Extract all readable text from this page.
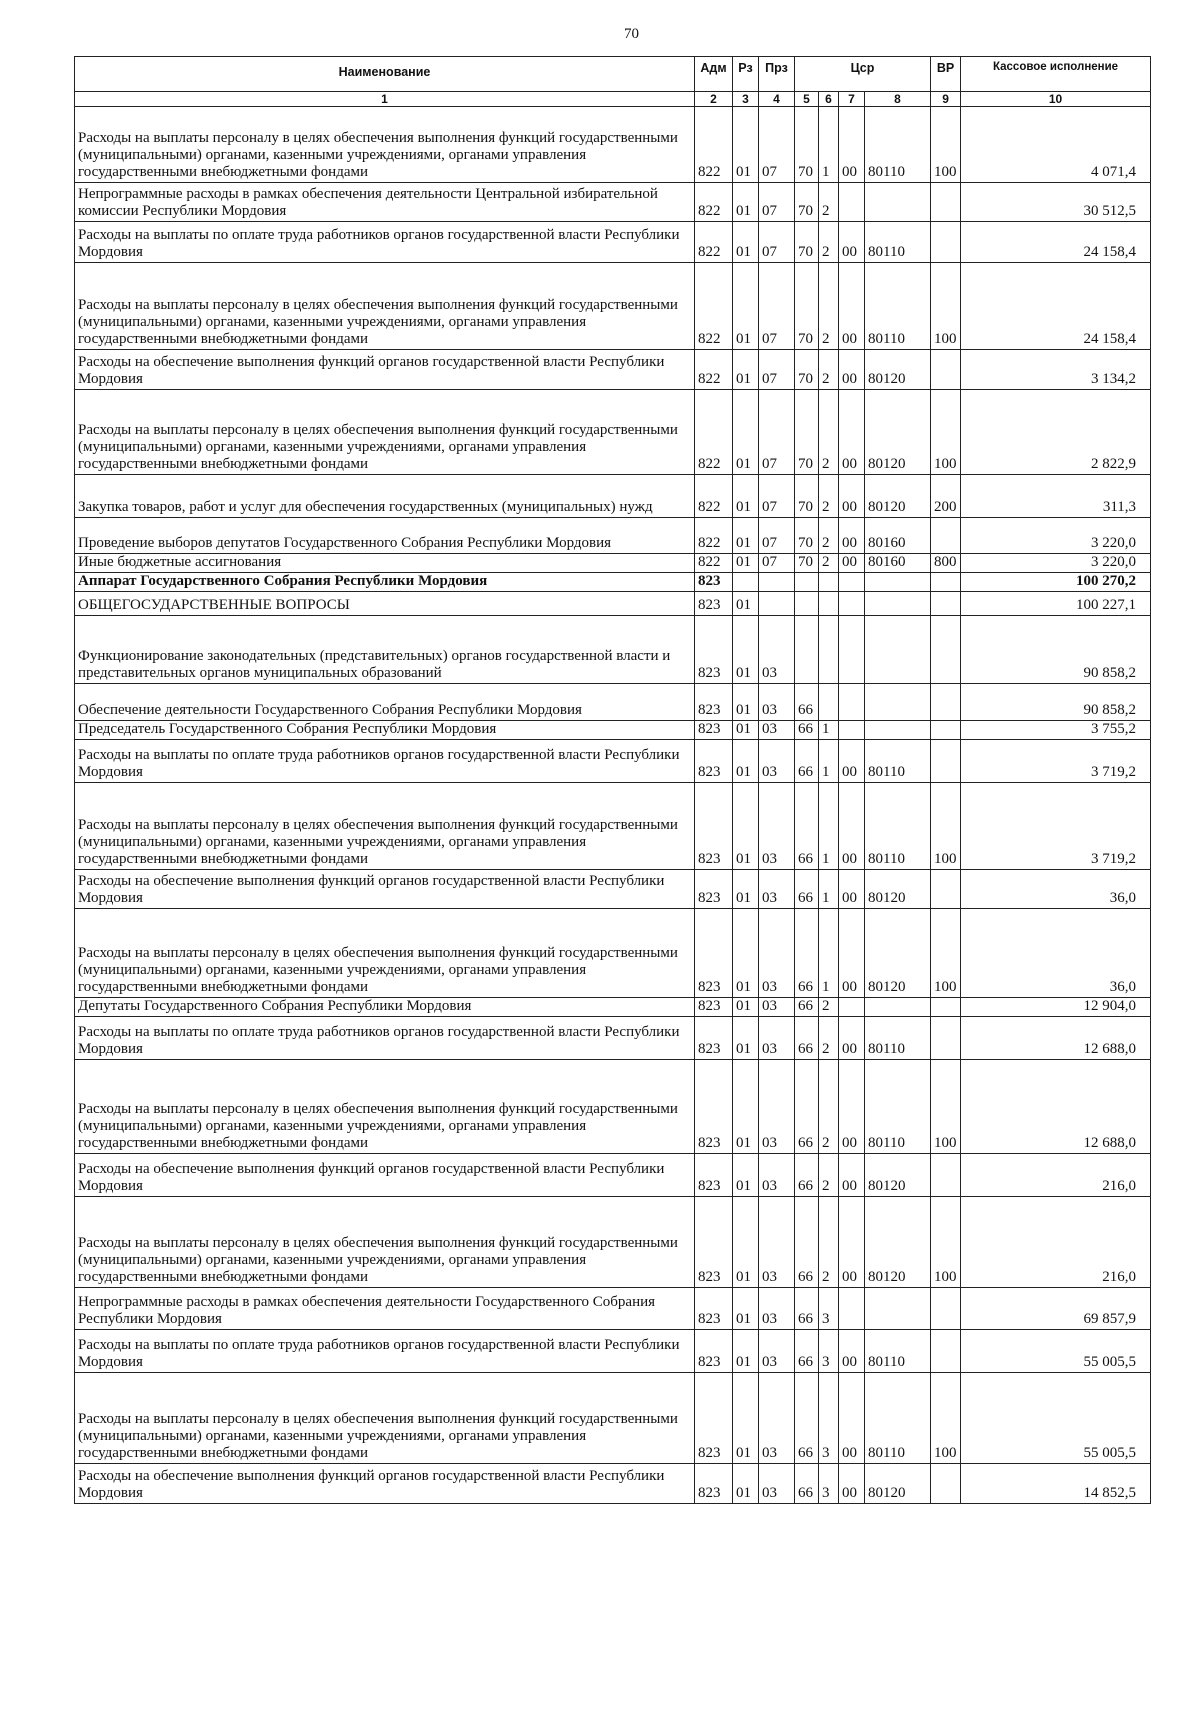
70
Наименование	Адм	Рз	Прз	Цср				ВР	Кассовое исполнение
1	2	3	4	5	6	7	8	9	10
Расходы на выплаты персоналу в целях обеспечения выполнения функций государственными (муниципальными) органами, казенными учреждениями, органами управления государственными внебюджетными фондами	822	01	07	70	1	00	80110	100	4 071,4
Непрограммные расходы в рамках обеспечения деятельности Центральной избирательной комиссии Республики Мордовия	822	01	07	70	2				30 512,5
Расходы на выплаты по оплате труда работников органов государственной власти Республики Мордовия	822	01	07	70	2	00	80110		24 158,4
Расходы на выплаты персоналу в целях обеспечения выполнения функций государственными (муниципальными) органами, казенными учреждениями, органами управления государственными внебюджетными фондами	822	01	07	70	2	00	80110	100	24 158,4
Расходы на обеспечение выполнения функций органов государственной власти Республики Мордовия	822	01	07	70	2	00	80120		3 134,2
Расходы на выплаты персоналу в целях обеспечения выполнения функций государственными (муниципальными) органами, казенными учреждениями, органами управления государственными внебюджетными фондами	822	01	07	70	2	00	80120	100	2 822,9
Закупка товаров, работ и услуг для обеспечения государственных (муниципальных) нужд	822	01	07	70	2	00	80120	200	311,3
Проведение выборов депутатов Государственного Собрания Республики Мордовия	822	01	07	70	2	00	80160		3 220,0
Иные бюджетные ассигнования	822	01	07	70	2	00	80160	800	3 220,0
Аппарат Государственного Собрания Республики Мордовия	823								100 270,2
ОБЩЕГОСУДАРСТВЕННЫЕ ВОПРОСЫ	823	01							100 227,1
Функционирование законодательных (представительных) органов государственной власти и представительных органов муниципальных образований	823	01	03						90 858,2
Обеспечение деятельности Государственного Собрания Республики Мордовия	823	01	03	66					90 858,2
Председатель Государственного Собрания Республики Мордовия	823	01	03	66	1				3 755,2
Расходы на выплаты по оплате труда работников органов государственной власти Республики Мордовия	823	01	03	66	1	00	80110		3 719,2
Расходы на выплаты персоналу в целях обеспечения выполнения функций государственными (муниципальными) органами, казенными учреждениями, органами управления государственными внебюджетными фондами	823	01	03	66	1	00	80110	100	3 719,2
Расходы на обеспечение выполнения функций органов государственной власти Республики Мордовия	823	01	03	66	1	00	80120		36,0
Расходы на выплаты персоналу в целях обеспечения выполнения функций государственными (муниципальными) органами, казенными учреждениями, органами управления государственными внебюджетными фондами	823	01	03	66	1	00	80120	100	36,0
Депутаты Государственного Собрания Республики Мордовия	823	01	03	66	2				12 904,0
Расходы на выплаты по оплате труда работников органов государственной власти Республики Мордовия	823	01	03	66	2	00	80110		12 688,0
Расходы на выплаты персоналу в целях обеспечения выполнения функций государственными (муниципальными) органами, казенными учреждениями, органами управления государственными внебюджетными фондами	823	01	03	66	2	00	80110	100	12 688,0
Расходы на обеспечение выполнения функций органов государственной власти Республики Мордовия	823	01	03	66	2	00	80120		216,0
Расходы на выплаты персоналу в целях обеспечения выполнения функций государственными (муниципальными) органами, казенными учреждениями, органами управления государственными внебюджетными фондами	823	01	03	66	2	00	80120	100	216,0
Непрограммные расходы в рамках обеспечения деятельности Государственного Собрания Республики Мордовия	823	01	03	66	3				69 857,9
Расходы на выплаты по оплате труда работников органов государственной власти Республики Мордовия	823	01	03	66	3	00	80110		55 005,5
Расходы на выплаты персоналу в целях обеспечения выполнения функций государственными (муниципальными) органами, казенными учреждениями, органами управления государственными внебюджетными фондами	823	01	03	66	3	00	80110	100	55 005,5
Расходы на обеспечение выполнения функций органов государственной власти Республики Мордовия	823	01	03	66	3	00	80120		14 852,5
